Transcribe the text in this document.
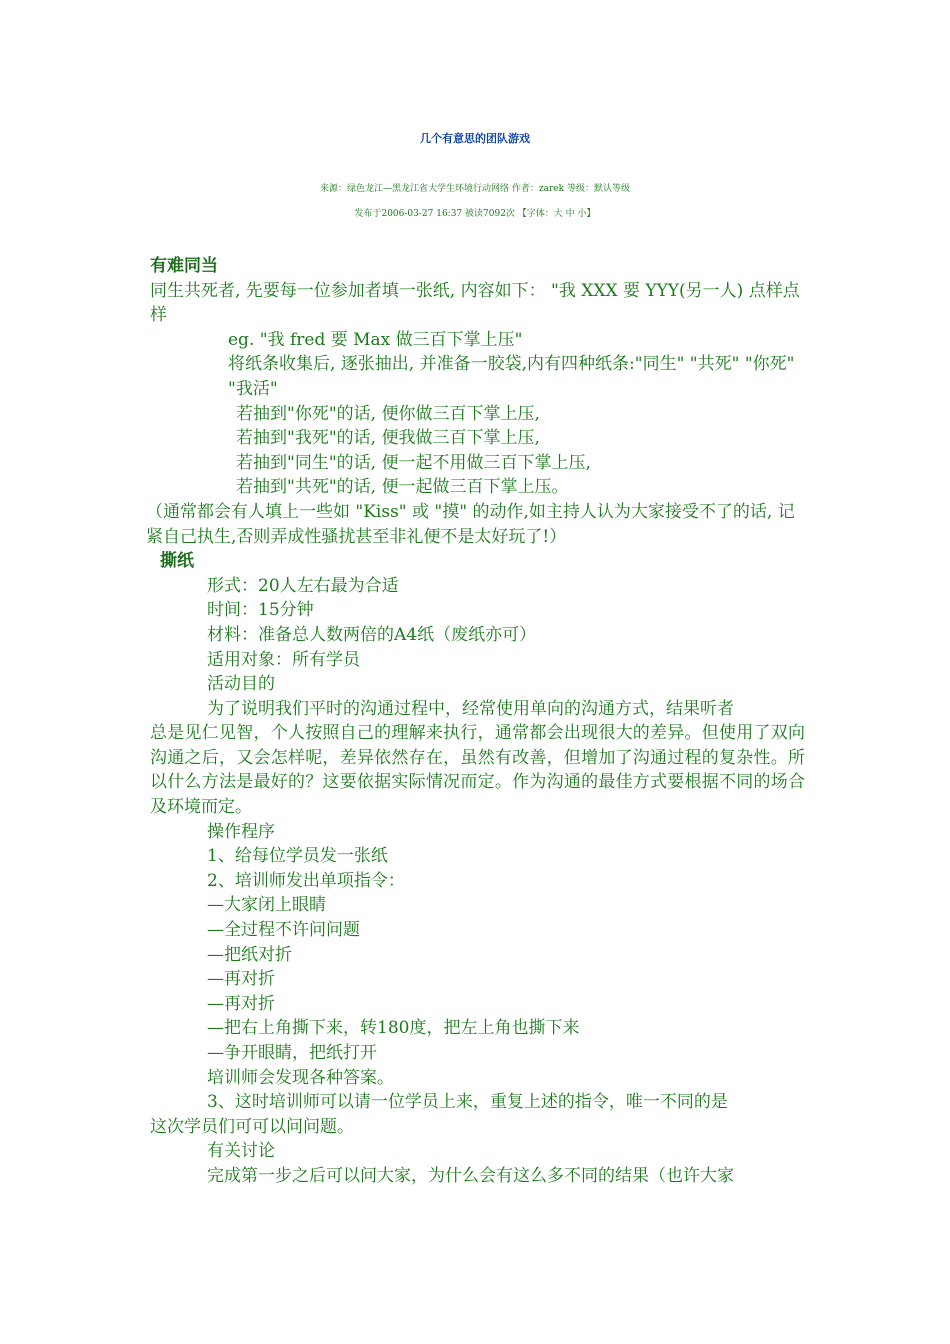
几个有意思的团队游戏
来源：绿色龙江—黑龙江省大学生环境行动网络 作者：zarek 等级：默认等级
发布于2006-03-27 16:37 被读7092次 【字体：大 中 小】

有难同当

同生共死者, 先要每一位参加者填一张纸, 内容如下： "我 XXX 要 YYY(另一人) 点样点样

eg. "我 fred 要 Max 做三百下掌上压"

将纸条收集后, 逐张抽出, 并准备一胶袋,内有四种纸条:"同生" "共死" "你死" "我活"

若抽到"你死"的话, 便你做三百下掌上压,

若抽到"我死"的话, 便我做三百下掌上压,

若抽到"同生"的话, 便一起不用做三百下掌上压,

若抽到"共死"的话, 便一起做三百下掌上压。

（通常都会有人填上一些如 "Kiss" 或 "摸" 的动作,如主持人认为大家接受不了的话, 记紧自己执生,否则弄成性骚扰甚至非礼便不是太好玩了!）

撕纸

形式：20人左右最为合适

时间：15分钟

材料：准备总人数两倍的A4纸（废纸亦可）

适用对象：所有学员

活动目的

为了说明我们平时的沟通过程中，经常使用单向的沟通方式，结果听者

总是见仁见智，个人按照自己的理解来执行，通常都会出现很大的差异。但使用了双向沟通之后，又会怎样呢，差异依然存在，虽然有改善，但增加了沟通过程的复杂性。所以什么方法是最好的？这要依据实际情况而定。作为沟通的最佳方式要根据不同的场合及环境而定。

操作程序

1、给每位学员发一张纸

2、培训师发出单项指令：

—大家闭上眼睛

—全过程不许问问题

—把纸对折

—再对折

—再对折

—把右上角撕下来，转180度，把左上角也撕下来

—争开眼睛，把纸打开

培训师会发现各种答案。

3、这时培训师可以请一位学员上来，重复上述的指令，唯一不同的是

这次学员们可可以问问题。

有关讨论

完成第一步之后可以问大家，为什么会有这么多不同的结果（也许大家
